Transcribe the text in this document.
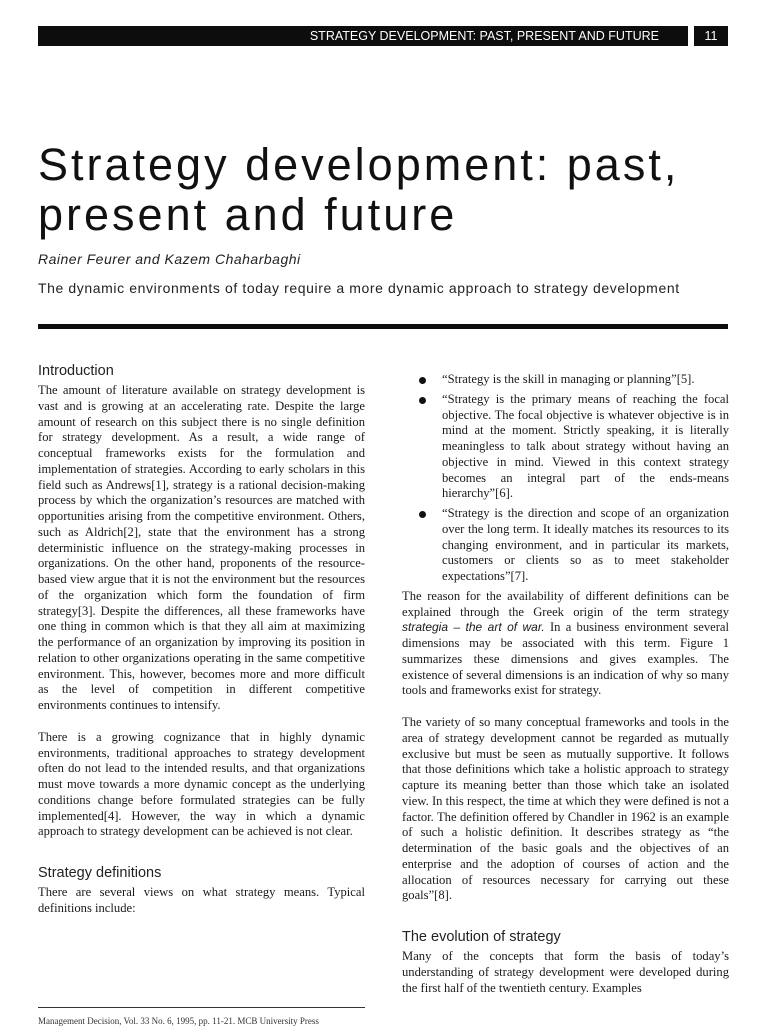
STRATEGY DEVELOPMENT: PAST, PRESENT AND FUTURE	11
Strategy development: past, present and future
Rainer Feurer and Kazem Chaharbaghi
The dynamic environments of today require a more dynamic approach to strategy development
Introduction

The amount of literature available on strategy development is vast and is growing at an accelerating rate. Despite the large amount of research on this subject there is no single definition for strategy development. As a result, a wide range of conceptual frameworks exists for the formulation and implementation of strategies. According to early scholars in this field such as Andrews[1], strategy is a rational decision-making process by which the organization’s resources are matched with opportunities arising from the competitive environment. Others, such as Aldrich[2], state that the environment has a strong deterministic influence on the strategy-making processes in organizations. On the other hand, proponents of the resource-based view argue that it is not the environment but the resources of the organization which form the foundation of firm strategy[3]. Despite the differences, all these frameworks have one thing in common which is that they all aim at maximizing the performance of an organization by improving its position in relation to other organizations operating in the same competitive environment. This, however, becomes more and more difficult as the level of competition in different competitive environments continues to intensify.

There is a growing cognizance that in highly dynamic environments, traditional approaches to strategy development often do not lead to the intended results, and that organizations must move towards a more dynamic concept as the underlying conditions change before formulated strategies can be fully implemented[4]. However, the way in which a dynamic approach to strategy development can be achieved is not clear.

Strategy definitions

There are several views on what strategy means. Typical definitions include:

“Strategy is the skill in managing or planning”[5].
“Strategy is the primary means of reaching the focal objective. The focal objective is whatever objective is in mind at the moment. Strictly speaking, it is literally meaningless to talk about strategy without having an objective in mind. Viewed in this context strategy becomes an integral part of the ends-means hierarchy”[6].
“Strategy is the direction and scope of an organization over the long term. It ideally matches its resources to its changing environment, and in particular its markets, customers or clients so as to meet stakeholder expectations”[7].

The reason for the availability of different definitions can be explained through the Greek origin of the term strategy strategia – the art of war. In a business environment several dimensions may be associated with this term. Figure 1 summarizes these dimensions and gives examples. The existence of several dimensions is an indication of why so many tools and frameworks exist for strategy.

The variety of so many conceptual frameworks and tools in the area of strategy development cannot be regarded as mutually exclusive but must be seen as mutually supportive. It follows that those definitions which take a holistic approach to strategy capture its meaning better than those which take an isolated view. In this respect, the time at which they were defined is not a factor. The definition offered by Chandler in 1962 is an example of such a holistic definition. It describes strategy as “the determination of the basic goals and the objectives of an enterprise and the adoption of courses of action and the allocation of resources necessary for carrying out these goals”[8].

The evolution of strategy

Many of the concepts that form the basis of today’s understanding of strategy development were developed during the first half of the twentieth century. Examples

Management Decision, Vol. 33 No. 6, 1995, pp. 11-21. MCB University Press
